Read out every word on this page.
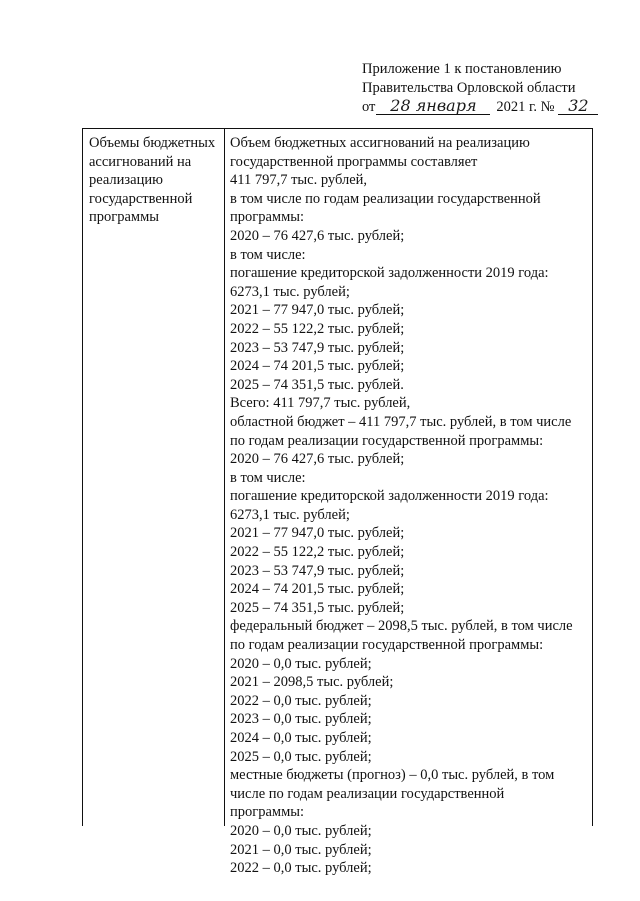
Приложение 1 к постановлению
Правительства Орловской области
от 28 января 2021 г. № 32
Объемы бюджетных
ассигнований на
реализацию
государственной
программы
Объем бюджетных ассигнований на реализацию
государственной программы составляет
411 797,7 тыс. рублей,
в том числе по годам реализации государственной
программы:
2020 – 76 427,6 тыс. рублей;
в том числе:
погашение кредиторской задолженности 2019 года:
6273,1 тыс. рублей;
2021 – 77 947,0 тыс. рублей;
2022 – 55 122,2 тыс. рублей;
2023 – 53 747,9 тыс. рублей;
2024 – 74 201,5 тыс. рублей;
2025 – 74 351,5 тыс. рублей.
Всего: 411 797,7 тыс. рублей,
областной бюджет – 411 797,7 тыс. рублей, в том числе
по годам реализации государственной программы:
2020 – 76 427,6 тыс. рублей;
в том числе:
погашение кредиторской задолженности 2019 года:
6273,1 тыс. рублей;
2021 – 77 947,0 тыс. рублей;
2022 – 55 122,2 тыс. рублей;
2023 – 53 747,9 тыс. рублей;
2024 – 74 201,5 тыс. рублей;
2025 – 74 351,5 тыс. рублей;
федеральный бюджет – 2098,5 тыс. рублей, в том числе
по годам реализации государственной программы:
2020 – 0,0 тыс. рублей;
2021 – 2098,5 тыс. рублей;
2022 – 0,0 тыс. рублей;
2023 – 0,0 тыс. рублей;
2024 – 0,0 тыс. рублей;
2025 – 0,0 тыс. рублей;
местные бюджеты (прогноз) – 0,0 тыс. рублей, в том
числе по годам реализации государственной
программы:
2020 – 0,0 тыс. рублей;
2021 – 0,0 тыс. рублей;
2022 – 0,0 тыс. рублей;
